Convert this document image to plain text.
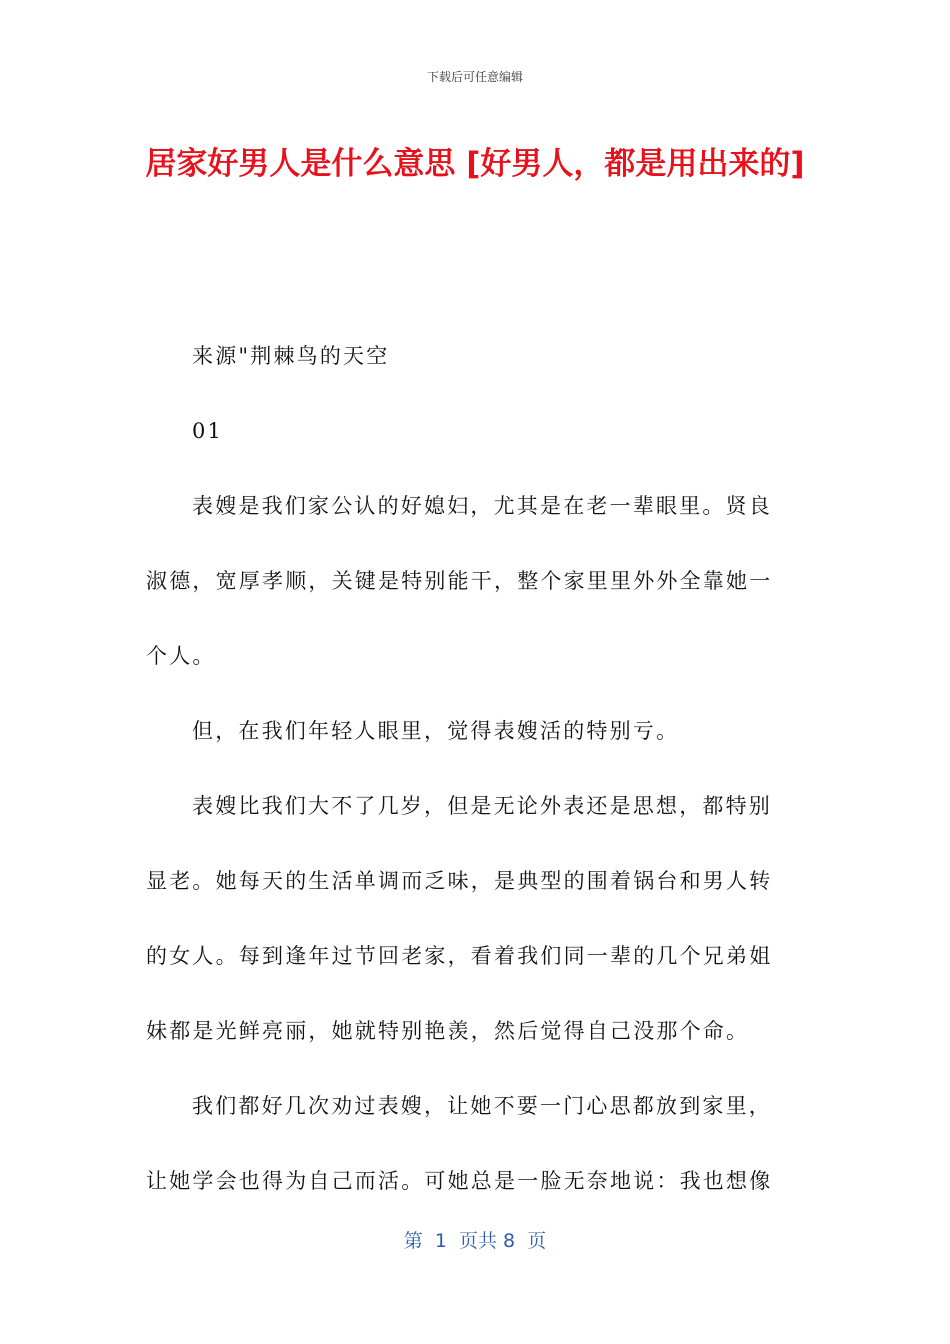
下载后可任意编辑
居家好男人是什么意思 [好男人，都是用出来的]

来源"荆棘鸟的天空

01

表嫂是我们家公认的好媳妇，尤其是在老一辈眼里。贤良淑德，宽厚孝顺，关键是特别能干，整个家里里外外全靠她一个人。

但，在我们年轻人眼里，觉得表嫂活的特别亏。

表嫂比我们大不了几岁，但是无论外表还是思想，都特别显老。她每天的生活单调而乏味，是典型的围着锅台和男人转的女人。每到逢年过节回老家，看着我们同一辈的几个兄弟姐妹都是光鲜亮丽，她就特别艳羡，然后觉得自己没那个命。

我们都好几次劝过表嫂，让她不要一门心思都放到家里，让她学会也得为自己而活。可她总是一脸无奈地说：我也想像

第  1  页共 8  页
